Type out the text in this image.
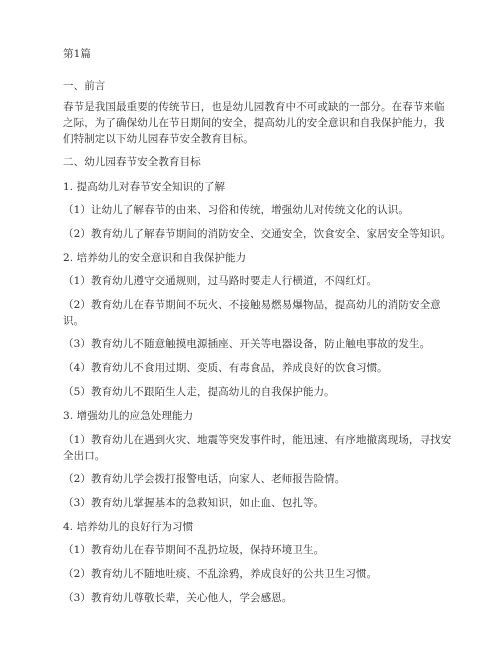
第1篇
一、前言
春节是我国最重要的传统节日，也是幼儿园教育中不可或缺的一部分。在春节来临之际，为了确保幼儿在节日期间的安全，提高幼儿的安全意识和自我保护能力，我们特制定以下幼儿园春节安全教育目标。
二、幼儿园春节安全教育目标
1. 提高幼儿对春节安全知识的了解
（1）让幼儿了解春节的由来、习俗和传统，增强幼儿对传统文化的认识。
（2）教育幼儿了解春节期间的消防安全、交通安全，饮食安全、家居安全等知识。
2. 培养幼儿的安全意识和自我保护能力
（1）教育幼儿遵守交通规则，过马路时要走人行横道，不闯红灯。
（2）教育幼儿在春节期间不玩火、不接触易燃易爆物品，提高幼儿的消防安全意识。
（3）教育幼儿不随意触摸电源插座、开关等电器设备，防止触电事故的发生。
（4）教育幼儿不食用过期、变质、有毒食品，养成良好的饮食习惯。
（5）教育幼儿不跟陌生人走，提高幼儿的自我保护能力。
3. 增强幼儿的应急处理能力
（1）教育幼儿在遇到火灾、地震等突发事件时，能迅速、有序地撤离现场，寻找安全出口。
（2）教育幼儿学会拨打报警电话，向家人、老师报告险情。
（3）教育幼儿掌握基本的急救知识，如止血、包扎等。
4. 培养幼儿的良好行为习惯
（1）教育幼儿在春节期间不乱扔垃圾，保持环境卫生。
（2）教育幼儿不随地吐痰、不乱涂鸦，养成良好的公共卫生习惯。
（3）教育幼儿尊敬长辈，关心他人，学会感恩。
